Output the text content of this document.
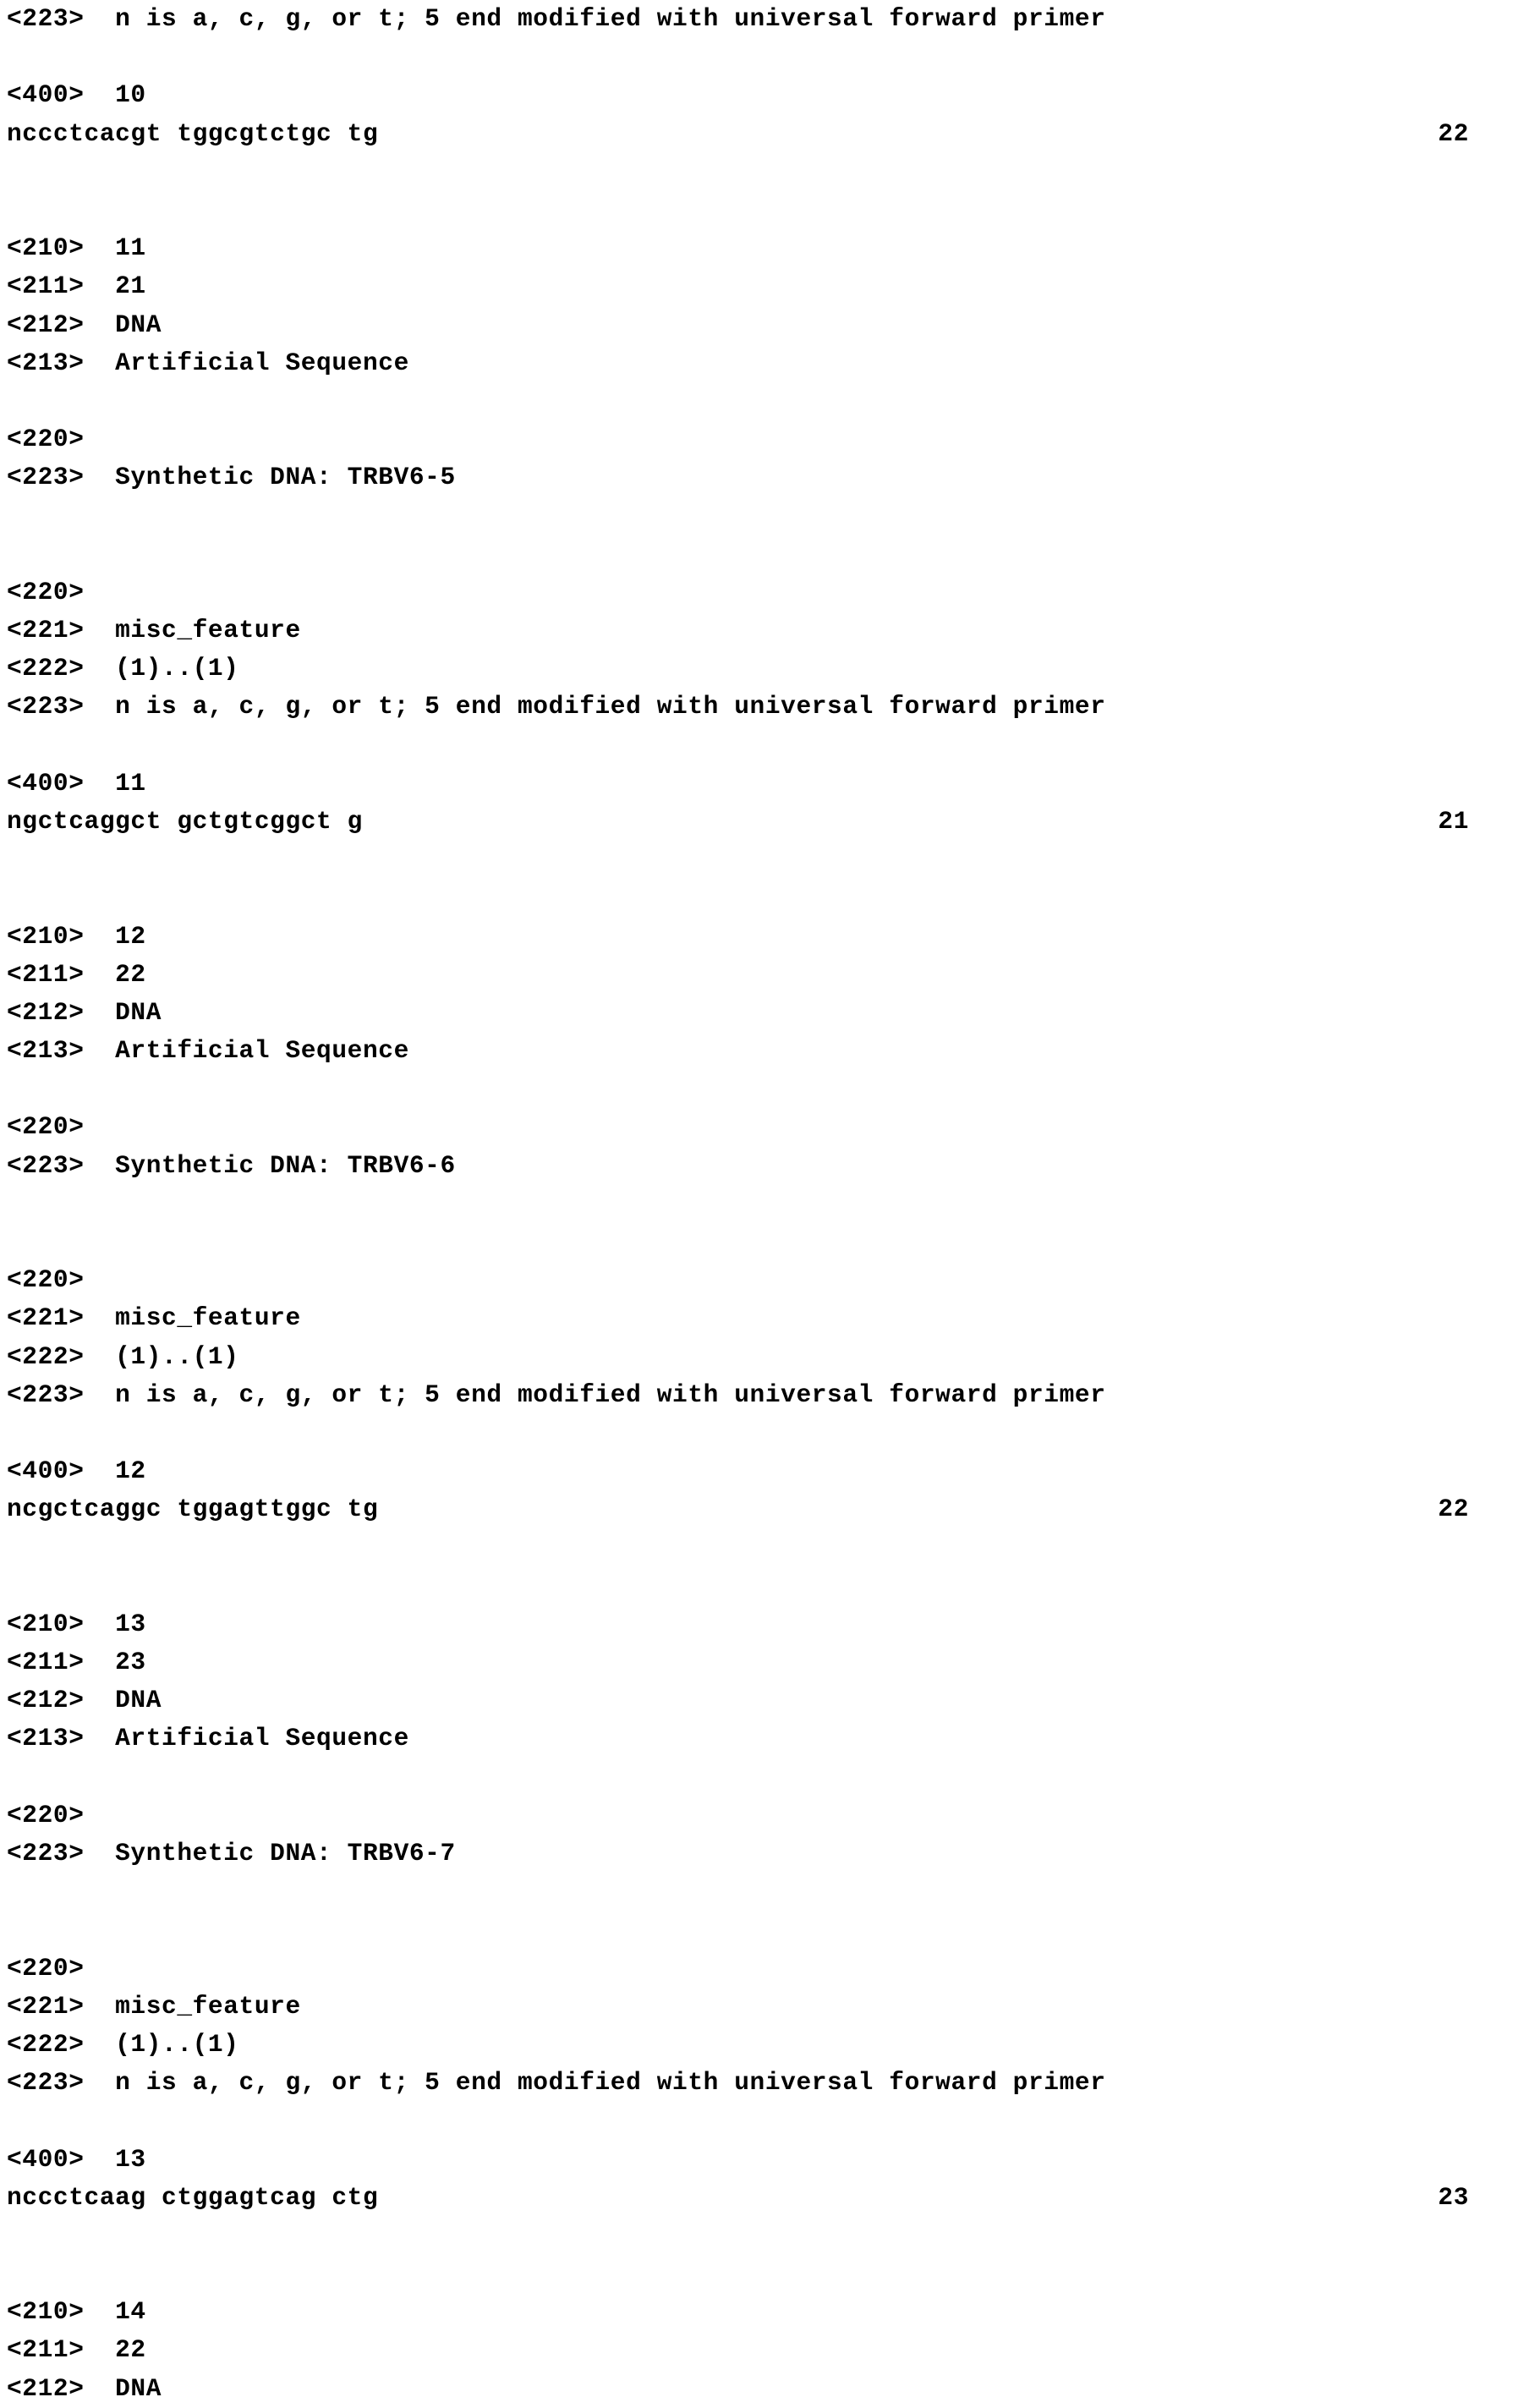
<223>  n is a, c, g, or t; 5 end modified with universal forward primer
<400>  10
nccctcacgt tggcgtctgc tg	22
<210>  11
<211>  21
<212>  DNA
<213>  Artificial Sequence
<220>
<223>  Synthetic DNA: TRBV6-5
<220>
<221>  misc_feature
<222>  (1)..(1)
<223>  n is a, c, g, or t; 5 end modified with universal forward primer
<400>  11
ngctcaggct gctgtcggct g	21
<210>  12
<211>  22
<212>  DNA
<213>  Artificial Sequence
<220>
<223>  Synthetic DNA: TRBV6-6
<220>
<221>  misc_feature
<222>  (1)..(1)
<223>  n is a, c, g, or t; 5 end modified with universal forward primer
<400>  12
ncgctcaggc tggagttggc tg	22
<210>  13
<211>  23
<212>  DNA
<213>  Artificial Sequence
<220>
<223>  Synthetic DNA: TRBV6-7
<220>
<221>  misc_feature
<222>  (1)..(1)
<223>  n is a, c, g, or t; 5 end modified with universal forward primer
<400>  13
nccctcaag ctggagtcag ctg	23
<210>  14
<211>  22
<212>  DNA
